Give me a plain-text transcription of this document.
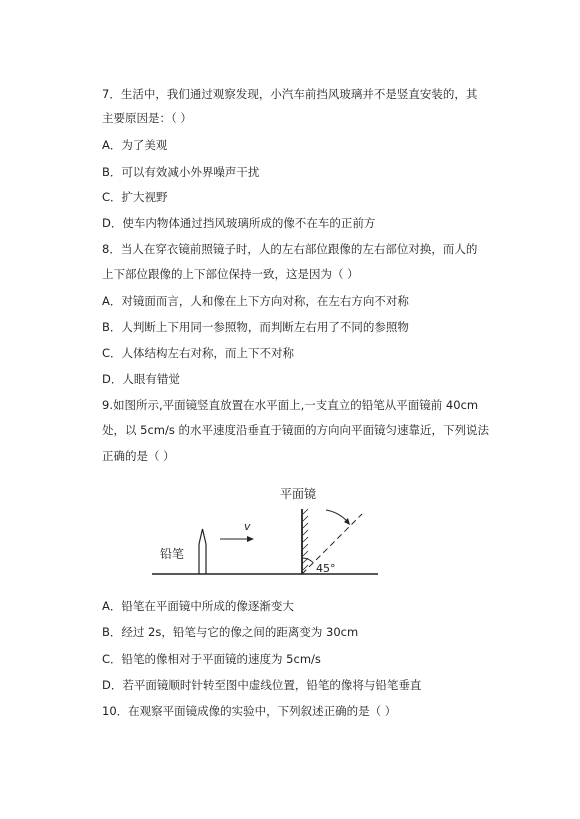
7．生活中，我们通过观察发现，小汽车前挡风玻璃并不是竖直安装的，其
主要原因是：（ ）
A．为了美观
B．可以有效减小外界噪声干扰
C．扩大视野
D．使车内物体通过挡风玻璃所成的像不在车的正前方
8．当人在穿衣镜前照镜子时，人的左右部位跟像的左右部位对换，而人的
上下部位跟像的上下部位保持一致，这是因为（ ）
A．对镜面而言，人和像在上下方向对称，在左右方向不对称
B．人判断上下用同一参照物，而判断左右用了不同的参照物
C．人体结构左右对称，而上下不对称
D．人眼有错觉
9.如图所示,平面镜竖直放置在水平面上,一支直立的铅笔从平面镜前 40cm
处，以 5cm/s 的水平速度沿垂直于镜面的方向向平面镜匀速靠近，下列说法
正确的是（ ）
铅笔
v
平面镜
45°
A．铅笔在平面镜中所成的像逐渐变大
B．经过 2s，铅笔与它的像之间的距离变为 30cm
C．铅笔的像相对于平面镜的速度为 5cm/s
D．若平面镜顺时针转至图中虚线位置，铅笔的像将与铅笔垂直
10．在观察平面镜成像的实验中，下列叙述正确的是（ ）
